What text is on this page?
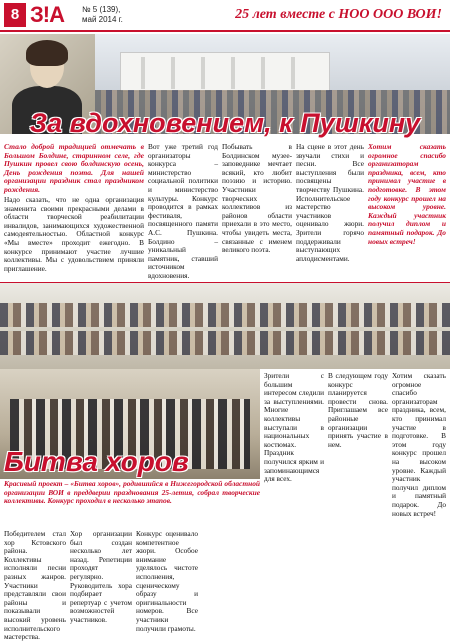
8 З!А № 5 (139),
май 2014 г.	25 лет вместе с НОО ООО ВОИ!
За вдохновением, к Пушкину
Стало доброй традицией отмечать в Большом Болдине, старинном селе, где Пушкин провел свою болдинскую осень, День рождения поэта. Для нашей организации праздник стал праздником рождения.
Надо сказать, что не одна организация знаменита своими прекрасными делами в области творческой реабилитации инвалидов, занимающихся художественной самодеятельностью. Областной конкурс «Мы вместе» проходит ежегодно. В конкурсе принимают участие лучшие коллективы. Мы с удовольствием приняли приглашение.
Вот уже третий год организаторы конкурса – министерство социальной политики и министерство культуры. Конкурс проводится в рамках фестиваля, посвященного памяти А.С. Пушкина. Болдино – уникальный памятник, ставший источником вдохновения.
Побывать в Болдинском музее-заповеднике мечтает всякий, кто любит поэзию и историю. Участники творческих коллективов из районов области приехали в это место, чтобы увидеть места, связанные с именем великого поэта.
На сцене в этот день звучали стихи и песни. Все выступления были посвящены творчеству Пушкина. Исполнительское мастерство участников оценивало жюри. Зрители горячо поддерживали выступающих аплодисментами.
Хотим сказать огромное спасибо организаторам праздника, всем, кто принимал участие в подготовке. В этом году конкурс прошел на высоком уровне. Каждый участник получил диплом и памятный подарок. До новых встреч!
Битва хоров
Красивый проект – «Битва хоров», родившийся в Нижегородской областной организации ВОИ в преддверии празднования 25-летия, собрал творческие коллективы. Конкурс проходил в несколько этапов.
Победителем стал хор Кстовского района. Коллективы исполняли песни разных жанров. Участники представляли свои районы и показывали высокий уровень исполнительского мастерства.
Хор организации был создан несколько лет назад. Репетиции проходят регулярно. Руководитель хора подбирает репертуар с учетом возможностей участников.
Конкурс оценивало компетентное жюри. Особое внимание уделялось чистоте исполнения, сценическому образу и оригинальности номеров. Все участники получили грамоты.
Зрители с большим интересом следили за выступлениями. Многие коллективы выступали в национальных костюмах. Праздник получился ярким и запоминающимся для всех.
В следующем году конкурс планируется провести снова. Приглашаем все районные организации принять участие в нем.
Хотим сказать огромное спасибо организаторам праздника, всем, кто принимал участие в подготовке. В этом году конкурс прошел на высоком уровне. Каждый участник получил диплом и памятный подарок. До новых встреч!
